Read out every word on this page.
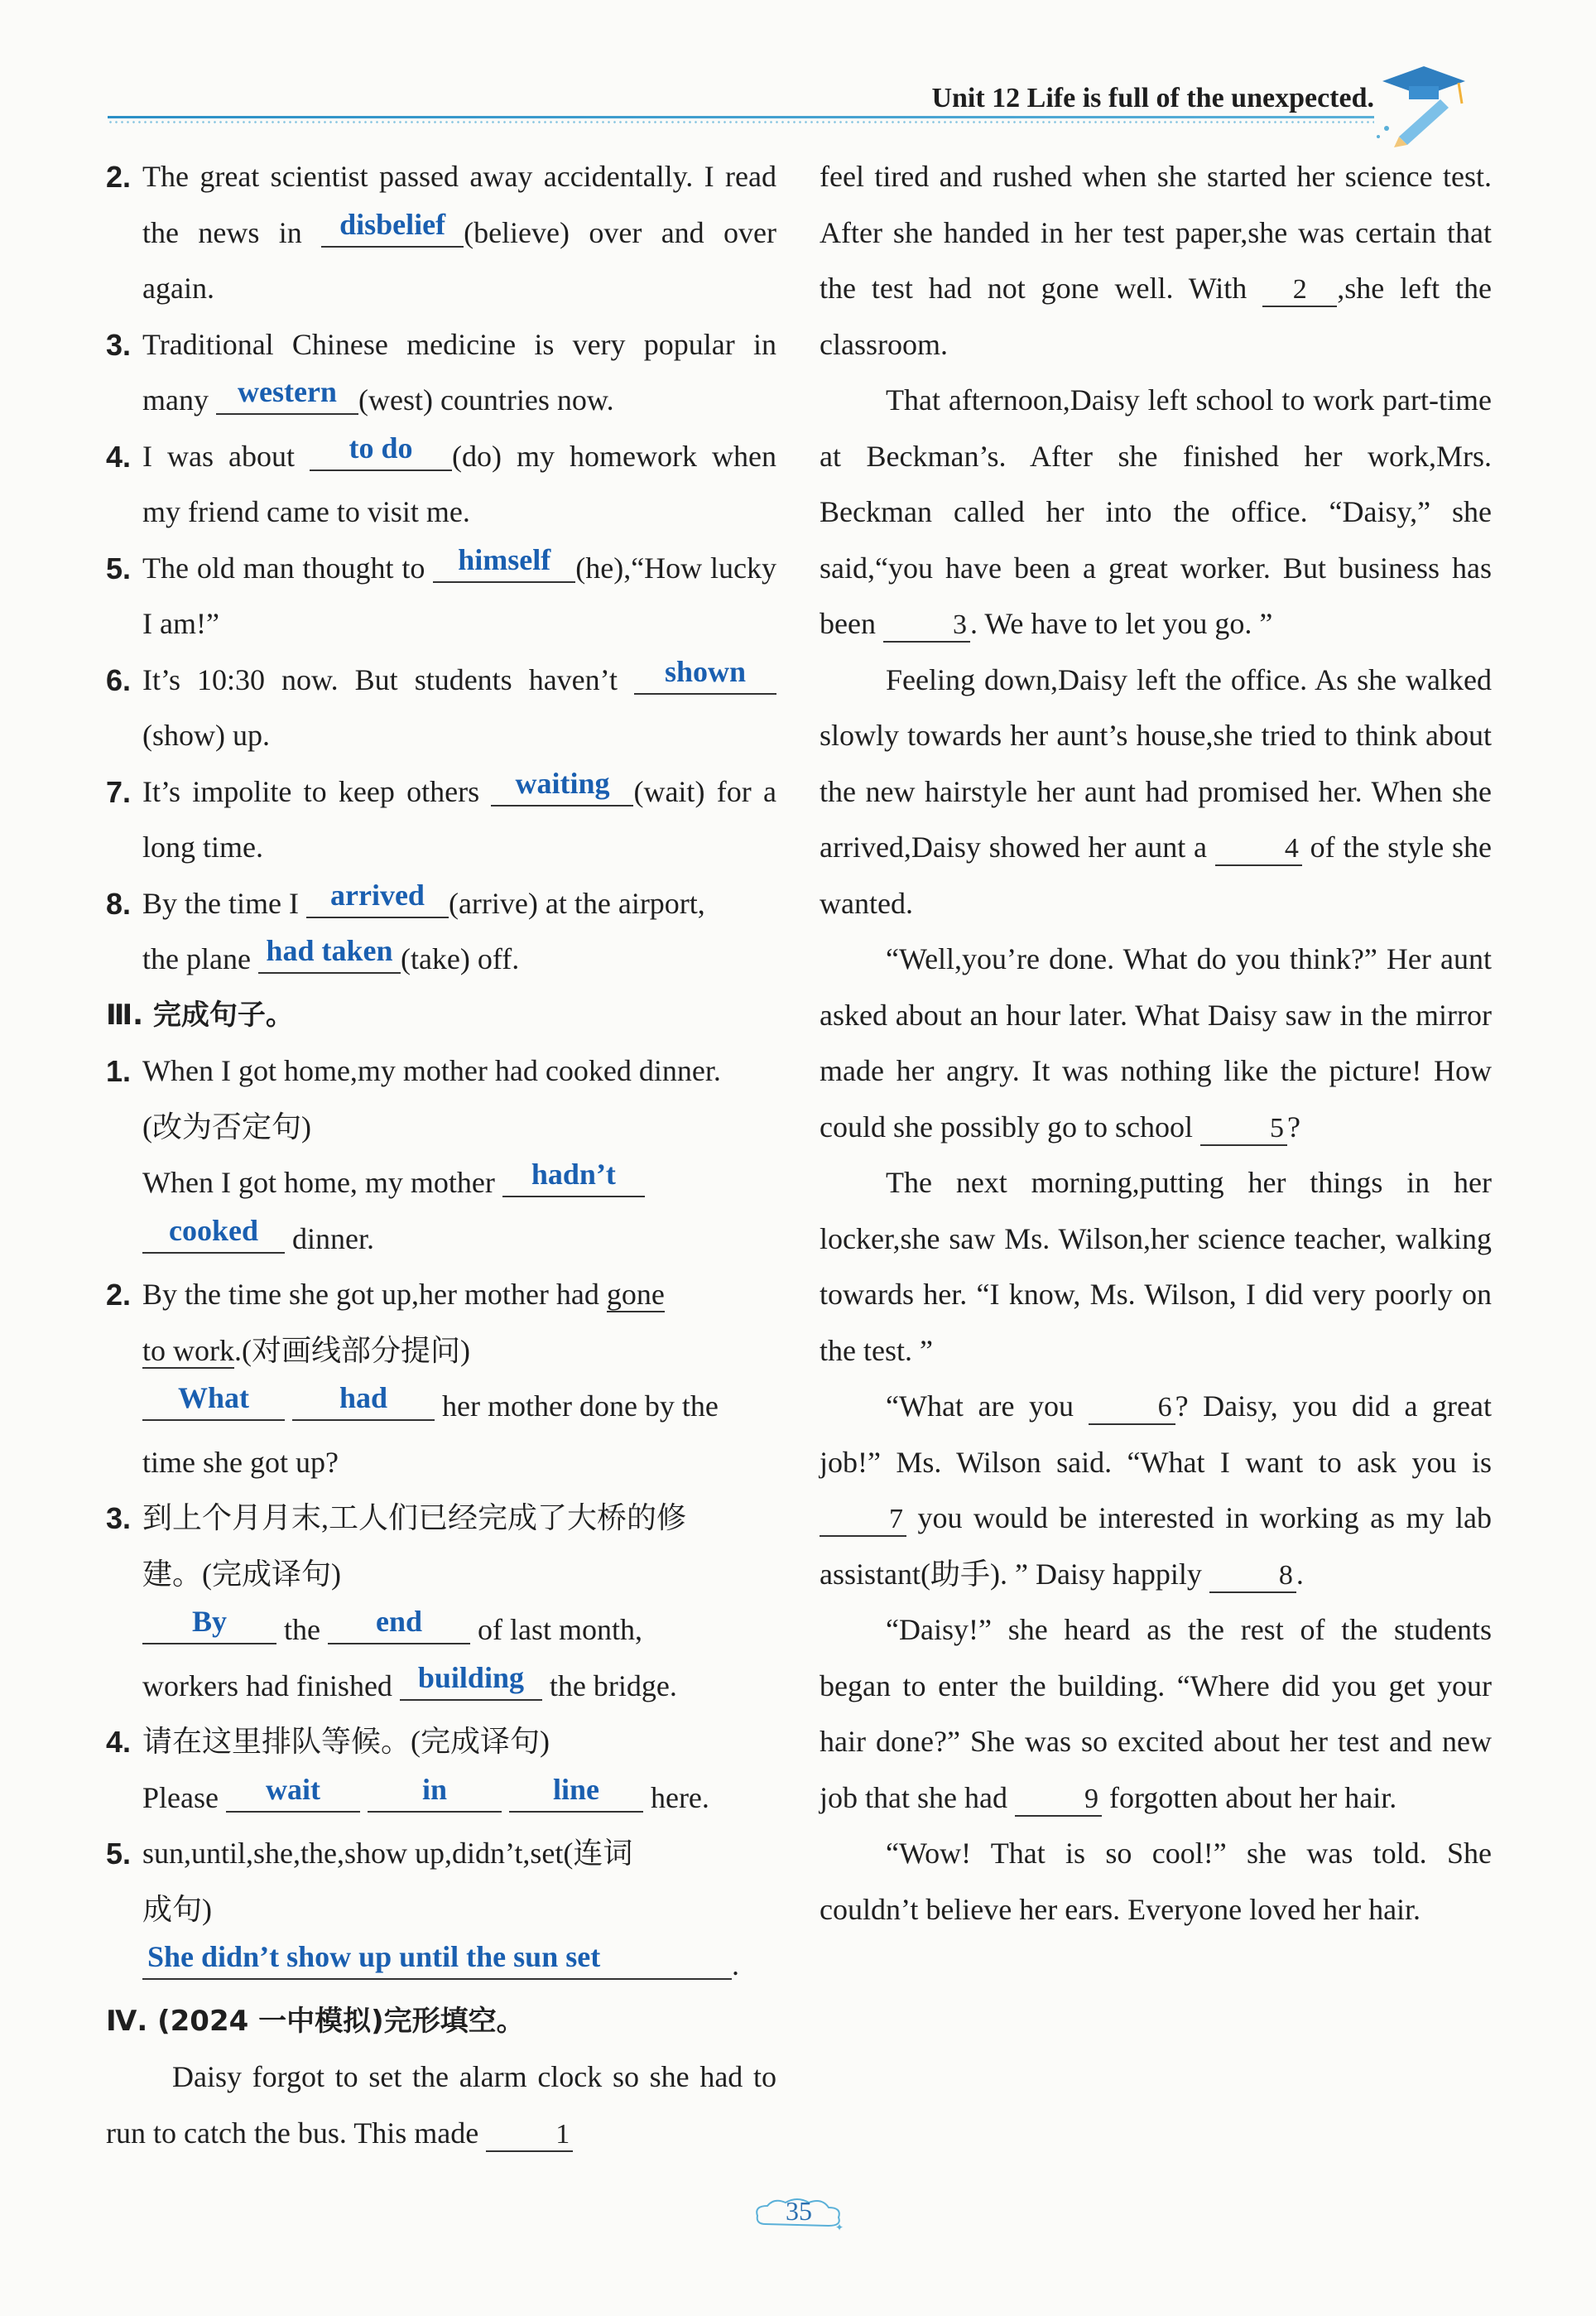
Unit 12 Life is full of the unexpected.
2. The great scientist passed away accidentally. I read the news in disbelief (believe) over and over again.

3. Traditional Chinese medicine is very popular in many western (west) countries now.

4. I was about to do (do) my homework when my friend came to visit me.

5. The old man thought to himself (he),“How lucky I am!”

6. It’s 10:30 now. But students haven’t shown(show) up.

7. It’s impolite to keep others waiting (wait) for a long time.

8. By the time I arrived (arrive) at the airport,
the plane had taken (take) off.

Ⅲ. 完成句子。

1. When I got home,my mother had cooked dinner.
(改为否定句)
When I got home, my mother hadn’t
cooked dinner.

2. By the time she got up,her mother had gone
to work.(对画线部分提问)
What	had her mother done by the
time she got up?

3. 到上个月月末,工人们已经完成了大桥的修
建。(完成译句)
By the end of last month,
workers had finished building the bridge.

4. 请在这里排队等候。(完成译句)
Please wait	in	line here.

5. sun,until,she,the,show up,didn’t,set(连词
成句)
She didn’t show up until the sun set	.

Ⅳ. (2024 一中模拟)完形填空。

Daisy forgot to set the alarm clock so she had to run to catch the bus. This made	1

feel tired and rushed when she started her science test. After she handed in her test paper,she was certain that the test had not gone well. With 2 ,she left the classroom.

That afternoon,Daisy left school to work part-time at Beckman’s. After she finished her work,Mrs. Beckman called her into the office. “Daisy,” she said,“you have been a great worker. But business has been	3 . We have to let you go. ”

Feeling down,Daisy left the office. As she walked slowly towards her aunt’s house,she tried to think about the new hairstyle her aunt had promised her. When she arrived,Daisy showed her aunt a	4 of the style she wanted.

“Well,you’re done. What do you think?” Her aunt asked about an hour later. What Daisy saw in the mirror made her angry. It was nothing like the picture! How could she possibly go to school	5 ?

The next morning,putting her things in her locker,she saw Ms. Wilson,her science teacher, walking towards her. “I know, Ms. Wilson, I did very poorly on the test. ”

“What are you	6 ? Daisy, you did a great job!” Ms. Wilson said. “What I want to ask you is 7 you would be interested in working as my lab assistant(助手). ” Daisy happily	8 .

“Daisy!” she heard as the rest of the students began to enter the building. “Where did you get your hair done?” She was so excited about her test and new job that she had	9 forgotten about her hair.

“Wow! That is so cool!” she was told. She couldn’t believe her ears. Everyone loved her hair.

✦
35
